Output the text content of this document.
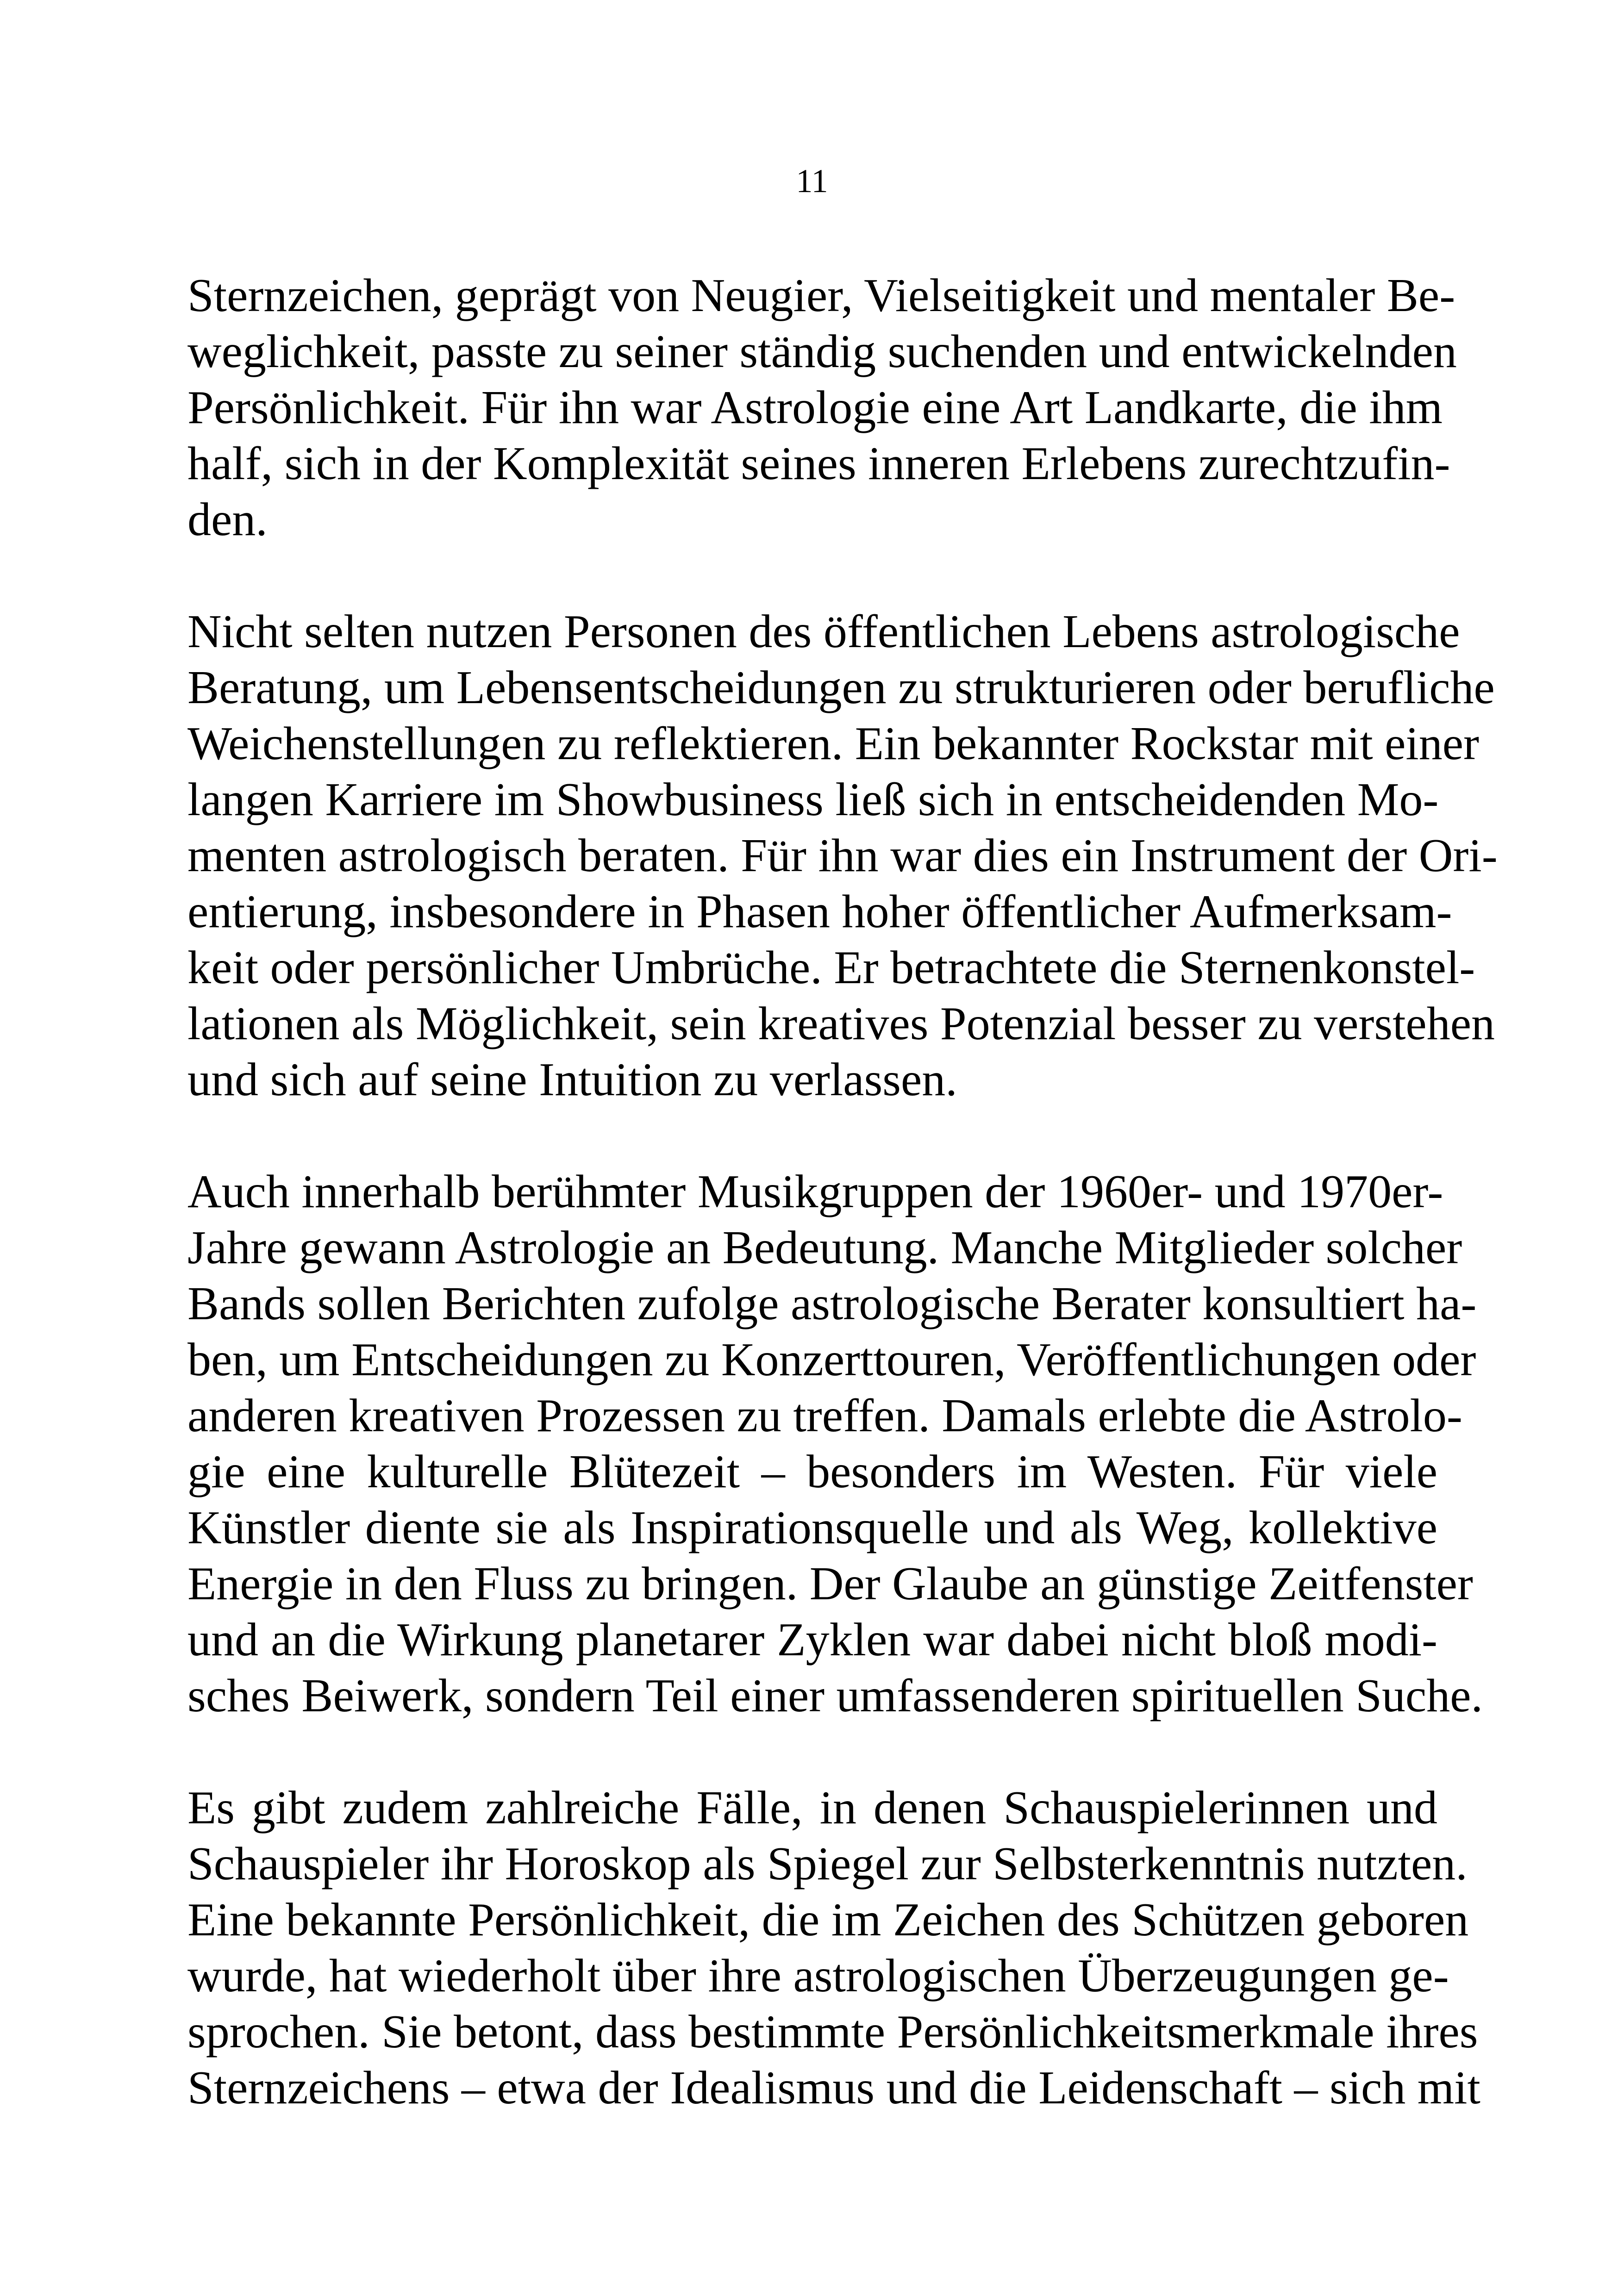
11

Sternzeichen, geprägt von Neugier, Vielseitigkeit und mentaler Be-
weglichkeit, passte zu seiner ständig suchenden und entwickelnden
Persönlichkeit. Für ihn war Astrologie eine Art Landkarte, die ihm
half, sich in der Komplexität seines inneren Erlebens zurechtzufin-
den.

Nicht selten nutzen Personen des öffentlichen Lebens astrologische
Beratung, um Lebensentscheidungen zu strukturieren oder berufliche
Weichenstellungen zu reflektieren. Ein bekannter Rockstar mit einer
langen Karriere im Showbusiness ließ sich in entscheidenden Mo-
menten astrologisch beraten. Für ihn war dies ein Instrument der Ori-
entierung, insbesondere in Phasen hoher öffentlicher Aufmerksam-
keit oder persönlicher Umbrüche. Er betrachtete die Sternenkonstel-
lationen als Möglichkeit, sein kreatives Potenzial besser zu verstehen
und sich auf seine Intuition zu verlassen.

Auch innerhalb berühmter Musikgruppen der 1960er- und 1970er-
Jahre gewann Astrologie an Bedeutung. Manche Mitglieder solcher
Bands sollen Berichten zufolge astrologische Berater konsultiert ha-
ben, um Entscheidungen zu Konzerttouren, Veröffentlichungen oder
anderen kreativen Prozessen zu treffen. Damals erlebte die Astrolo-
gie eine kulturelle Blütezeit – besonders im Westen. Für viele
Künstler diente sie als Inspirationsquelle und als Weg, kollektive
Energie in den Fluss zu bringen. Der Glaube an günstige Zeitfenster
und an die Wirkung planetarer Zyklen war dabei nicht bloß modi-
sches Beiwerk, sondern Teil einer umfassenderen spirituellen Suche.

Es gibt zudem zahlreiche Fälle, in denen Schauspielerinnen und
Schauspieler ihr Horoskop als Spiegel zur Selbsterkenntnis nutzten.
Eine bekannte Persönlichkeit, die im Zeichen des Schützen geboren
wurde, hat wiederholt über ihre astrologischen Überzeugungen ge-
sprochen. Sie betont, dass bestimmte Persönlichkeitsmerkmale ihres
Sternzeichens – etwa der Idealismus und die Leidenschaft – sich mit
